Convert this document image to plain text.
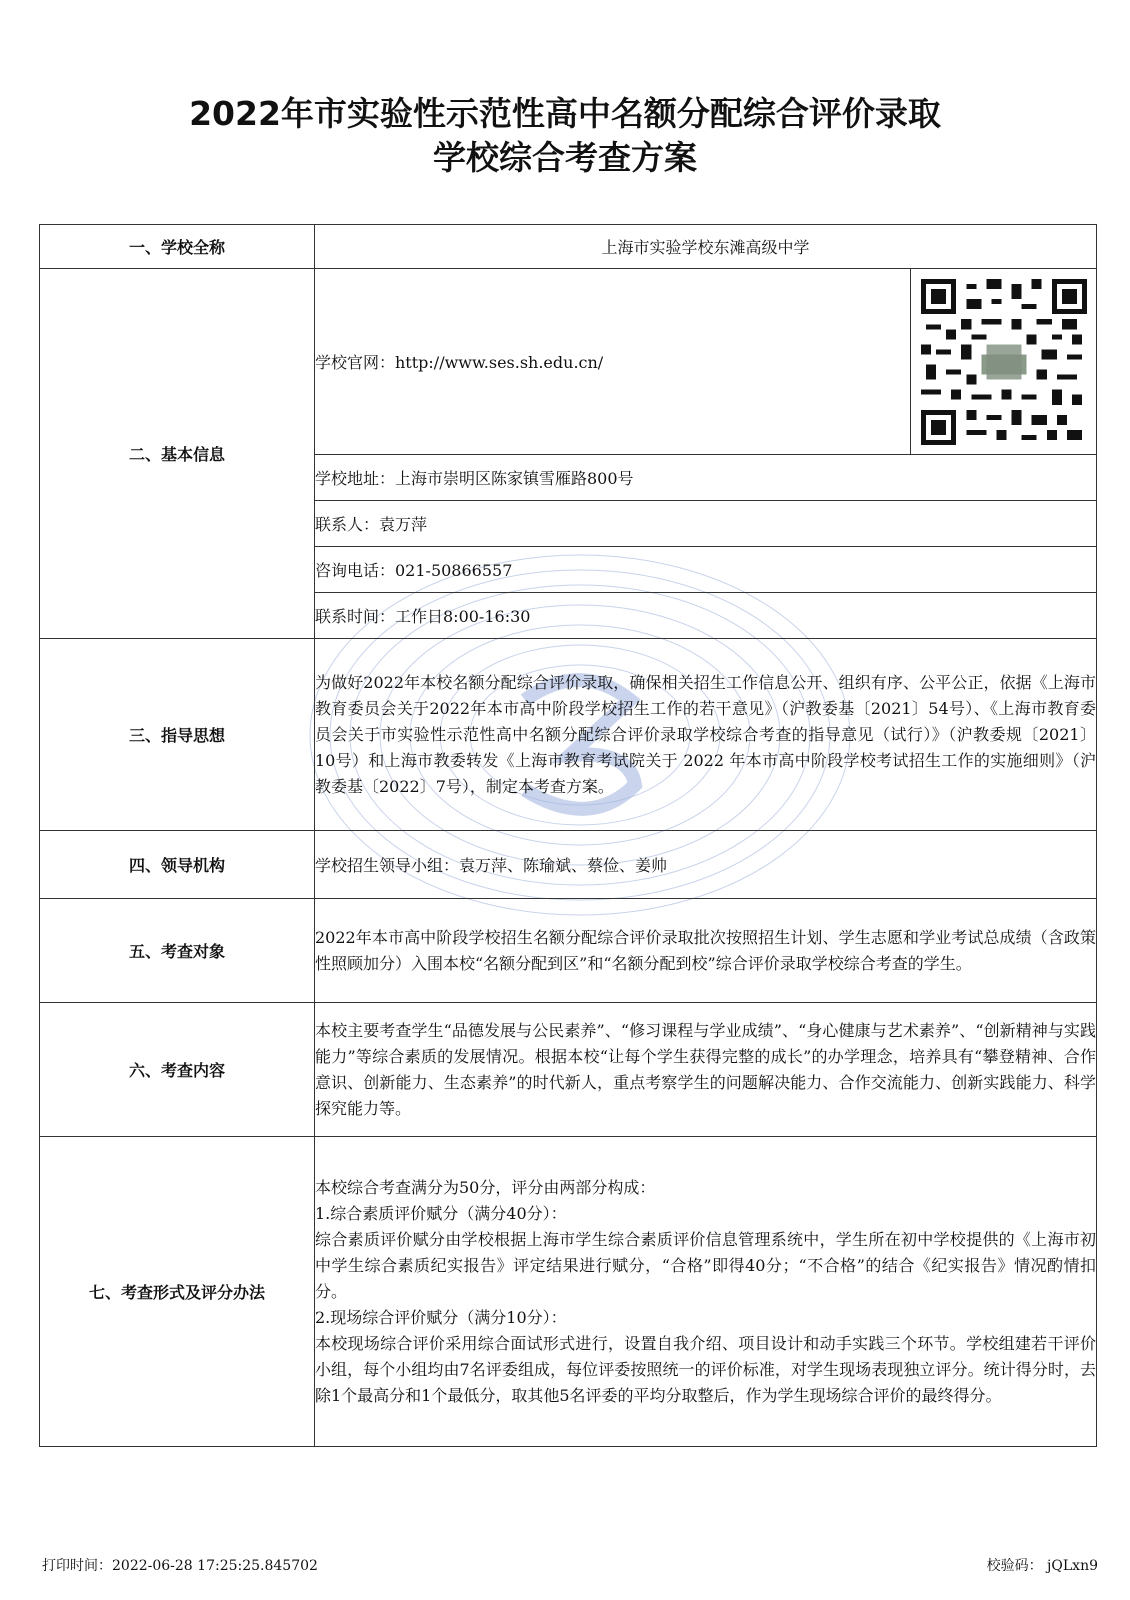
2022年市实验性示范性高中名额分配综合评价录取
学校综合考查方案
一、学校全称	上海市实验学校东滩高级中学	
二、基本信息	学校官网：http://www.ses.sh.edu.cn/	

	学校地址：上海市崇明区陈家镇雪雁路800号	
	联系人：袁万萍	
	咨询电话：021-50866557	
	联系时间：工作日8:00-16:30	
三、指导思想	为做好2022年本校名额分配综合评价录取，确保相关招生工作信息公开、组织有序、公平公正，依据《上海市教育委员会关于2022年本市高中阶段学校招生工作的若干意见》（沪教委基〔2021〕54号）、《上海市教育委员会关于市实验性示范性高中名额分配综合评价录取学校综合考查的指导意见（试行）》（沪教委规〔2021〕10号）和上海市教委转发《上海市教育考试院关于 2022 年本市高中阶段学校考试招生工作的实施细则》（沪教委基〔2022〕7号），制定本考查方案。	
四、领导机构	学校招生领导小组：袁万萍、陈瑜斌、蔡俭、姜帅	
五、考查对象	2022年本市高中阶段学校招生名额分配综合评价录取批次按照招生计划、学生志愿和学业考试总成绩（含政策性照顾加分）入围本校“名额分配到区”和“名额分配到校”综合评价录取学校综合考查的学生。	
六、考查内容	本校主要考查学生“品德发展与公民素养”、“修习课程与学业成绩”、“身心健康与艺术素养”、“创新精神与实践能力”等综合素质的发展情况。根据本校“让每个学生获得完整的成长”的办学理念，培养具有“攀登精神、合作意识、创新能力、生态素养”的时代新人，重点考察学生的问题解决能力、合作交流能力、创新实践能力、科学探究能力等。	
七、考查形式及评分办法	本校综合考查满分为50分，评分由两部分构成：
1.综合素质评价赋分（满分40分）：
综合素质评价赋分由学校根据上海市学生综合素质评价信息管理系统中，学生所在初中学校提供的《上海市初中学生综合素质纪实报告》评定结果进行赋分，“合格”即得40分；“不合格”的结合《纪实报告》情况酌情扣分。
2.现场综合评价赋分（满分10分）：
本校现场综合评价采用综合面试形式进行，设置自我介绍、项目设计和动手实践三个环节。学校组建若干评价小组，每个小组均由7名评委组成，每位评委按照统一的评价标准，对学生现场表现独立评分。统计得分时，去除1个最高分和1个最低分，取其他5名评委的平均分取整后，作为学生现场综合评价的最终得分。	
打印时间：2022-06-28 17:25:25.845702	校验码： jQLxn9
